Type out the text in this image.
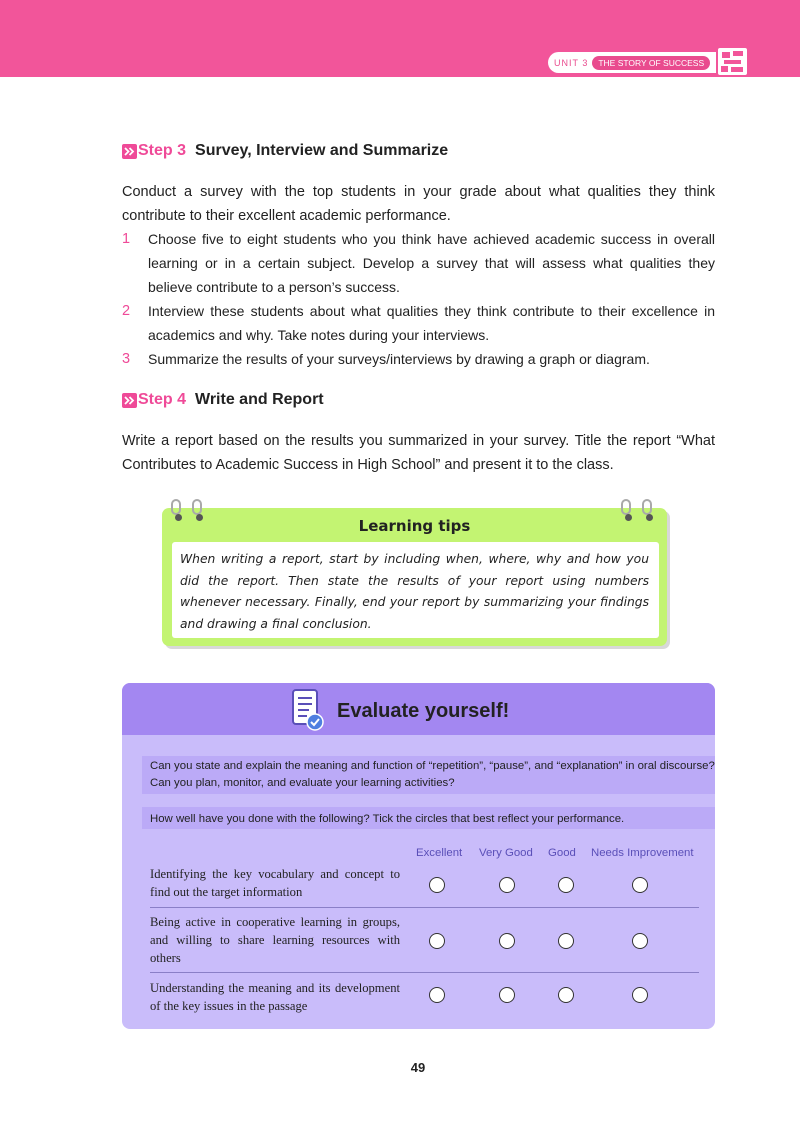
UNIT 3	THE STORY OF SUCCESS
Step 3 Survey, Interview and Summarize

Conduct a survey with the top students in your grade about what qualities they think contribute to their excellent academic performance.

1 Choose five to eight students who you think have achieved academic success in overall learning or in a certain subject. Develop a survey that will assess what qualities they believe contribute to a person’s success.
2 Interview these students about what qualities they think contribute to their excellence in academics and why. Take notes during your interviews.
3 Summarize the results of your surveys/interviews by drawing a graph or diagram.
Step 4 Write and Report

Write a report based on the results you summarized in your survey. Title the report “What Contributes to Academic Success in High School” and present it to the class.

Learning tips

When writing a report, start by including when, where, why and how you did the report. Then state the results of your report using numbers whenever necessary. Finally, end your report by summarizing your findings and drawing a final conclusion.

Evaluate yourself!
Can you state and explain the meaning and function of “repetition”, “pause”, and “explanation” in oral discourse? Can you plan, monitor, and evaluate your learning activities?
How well have you done with the following? Tick the circles that best reflect your performance.
Excellent Very Good Good Needs Improvement
Identifying the key vocabulary and concept to find out the target information
Being active in cooperative learning in groups, and willing to share learning resources with others
Understanding the meaning and its development of the key issues in the passage
49
